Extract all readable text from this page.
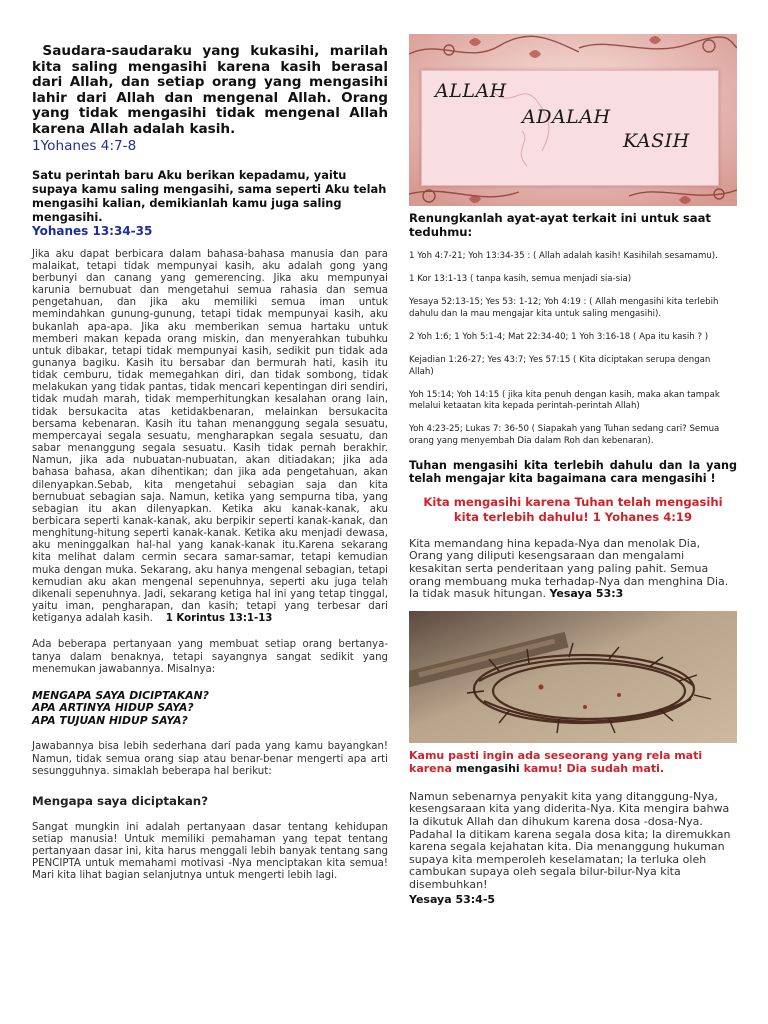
Saudara-saudaraku yang kukasihi, marilah kita saling mengasihi karena kasih berasal dari Allah, dan setiap orang yang mengasihi lahir dari Allah dan mengenal Allah. Orang yang tidak mengasihi tidak mengenal Allah karena Allah adalah kasih.

1Yohanes 4:7-8

Satu perintah baru Aku berikan kepadamu, yaitu supaya kamu saling mengasihi, sama seperti Aku telah mengasihi kalian, demikianlah kamu juga saling mengasihi.

Yohanes 13:34-35

Jika aku dapat berbicara dalam bahasa-bahasa manusia dan para malaikat, tetapi tidak mempunyai kasih, aku adalah gong yang berbunyi dan canang yang gemerencing. Jika aku mempunyai karunia bernubuat dan mengetahui semua rahasia dan semua pengetahuan, dan jika aku memiliki semua iman untuk memindahkan gunung-gunung, tetapi tidak mempunyai kasih, aku bukanlah apa-apa. Jika aku memberikan semua hartaku untuk memberi makan kepada orang miskin, dan menyerahkan tubuhku untuk dibakar, tetapi tidak mempunyai kasih, sedikit pun tidak ada gunanya bagiku. Kasih itu bersabar dan bermurah hati, kasih itu tidak cemburu, tidak memegahkan diri, dan tidak sombong, tidak melakukan yang tidak pantas, tidak mencari kepentingan diri sendiri, tidak mudah marah, tidak memperhitungkan kesalahan orang lain, tidak bersukacita atas ketidakbenaran, melainkan bersukacita bersama kebenaran. Kasih itu tahan menanggung segala sesuatu, mempercayai segala sesuatu, mengharapkan segala sesuatu, dan sabar menanggung segala sesuatu. Kasih tidak pernah berakhir. Namun, jika ada nubuatan-nubuatan, akan ditiadakan; jika ada bahasa bahasa, akan dihentikan; dan jika ada pengetahuan, akan dilenyapkan.Sebab, kita mengetahui sebagian saja dan kita bernubuat sebagian saja. Namun, ketika yang sempurna tiba, yang sebagian itu akan dilenyapkan. Ketika aku kanak-kanak, aku berbicara seperti kanak-kanak, aku berpikir seperti kanak-kanak, dan menghitung-hitung seperti kanak-kanak. Ketika aku menjadi dewasa, aku meninggalkan hal-hal yang kanak-kanak itu.Karena sekarang kita melihat dalam cermin secara samar-samar, tetapi kemudian muka dengan muka. Sekarang, aku hanya mengenal sebagian, tetapi kemudian aku akan mengenal sepenuhnya, seperti aku juga telah dikenali sepenuhnya. Jadi, sekarang ketiga hal ini yang tetap tinggal, yaitu iman, pengharapan, dan kasih; tetapi yang terbesar dari ketiganya adalah kasih. 1 Korintus 13:1-13

Ada beberapa pertanyaan yang membuat setiap orang bertanya-tanya dalam benaknya, tetapi sayangnya sangat sedikit yang menemukan jawabannya. Misalnya:

MENGAPA SAYA DICIPTAKAN?
APA ARTINYA HIDUP SAYA?
APA TUJUAN HIDUP SAYA?

Jawabannya bisa lebih sederhana dari pada yang kamu bayangkan! Namun, tidak semua orang siap atau benar-benar mengerti apa arti sesungguhnya. simaklah beberapa hal berikut:

Mengapa saya diciptakan?

Sangat mungkin ini adalah pertanyaan dasar tentang kehidupan setiap manusia! Untuk memiliki pemahaman yang tepat tentang pertanyaan dasar ini, kita harus menggali lebih banyak tentang sang PENCIPTA untuk memahami motivasi -Nya menciptakan kita semua! Mari kita lihat bagian selanjutnya untuk mengerti lebih lagi.

ALLAH
ADALAH
KASIH

Renungkanlah ayat-ayat terkait ini untuk saat teduhmu:

1 Yoh 4:7-21; Yoh 13:34-35 : ( Allah adalah kasih! Kasihilah sesamamu).

1 Kor 13:1-13 ( tanpa kasih, semua menjadi sia-sia)

Yesaya 52:13-15; Yes 53: 1-12; Yoh 4:19 : ( Allah mengasihi kita terlebih dahulu dan Ia mau mengajar kita untuk saling mengasihi).

2 Yoh 1:6; 1 Yoh 5:1-4; Mat 22:34-40; 1 Yoh 3:16-18 ( Apa itu kasih ? )

Kejadian 1:26-27; Yes 43:7; Yes 57:15 ( Kita diciptakan serupa dengan Allah)

Yoh 15:14; Yoh 14:15 ( jika kita penuh dengan kasih, maka akan tampak melalui ketaatan kita kepada perintah-perintah Allah)

Yoh 4:23-25; Lukas 7: 36-50 ( Siapakah yang Tuhan sedang cari? Semua orang yang menyembah Dia dalam Roh dan kebenaran).

Tuhan mengasihi kita terlebih dahulu dan Ia yang telah mengajar kita bagaimana cara mengasihi !

Kita mengasihi karena Tuhan telah mengasihi kita terlebih dahulu! 1 Yohanes 4:19

Kita memandang hina kepada-Nya dan menolak Dia, Orang yang diliputi kesengsaraan dan mengalami kesakitan serta penderitaan yang paling pahit. Semua orang membuang muka terhadap-Nya dan menghina Dia. Ia tidak masuk hitungan. Yesaya 53:3

Kamu pasti ingin ada seseorang yang rela mati karena mengasihi kamu! Dia sudah mati.

Namun sebenarnya penyakit kita yang ditanggung-Nya, kesengsaraan kita yang diderita-Nya. Kita mengira bahwa Ia dikutuk Allah dan dihukum karena dosa -dosa-Nya. Padahal Ia ditikam karena segala dosa kita; Ia diremukkan karena segala kejahatan kita. Dia menanggung hukuman supaya kita memperoleh keselamatan; Ia terluka oleh cambukan supaya oleh segala bilur-bilur-Nya kita disembuhkan!

Yesaya 53:4-5
